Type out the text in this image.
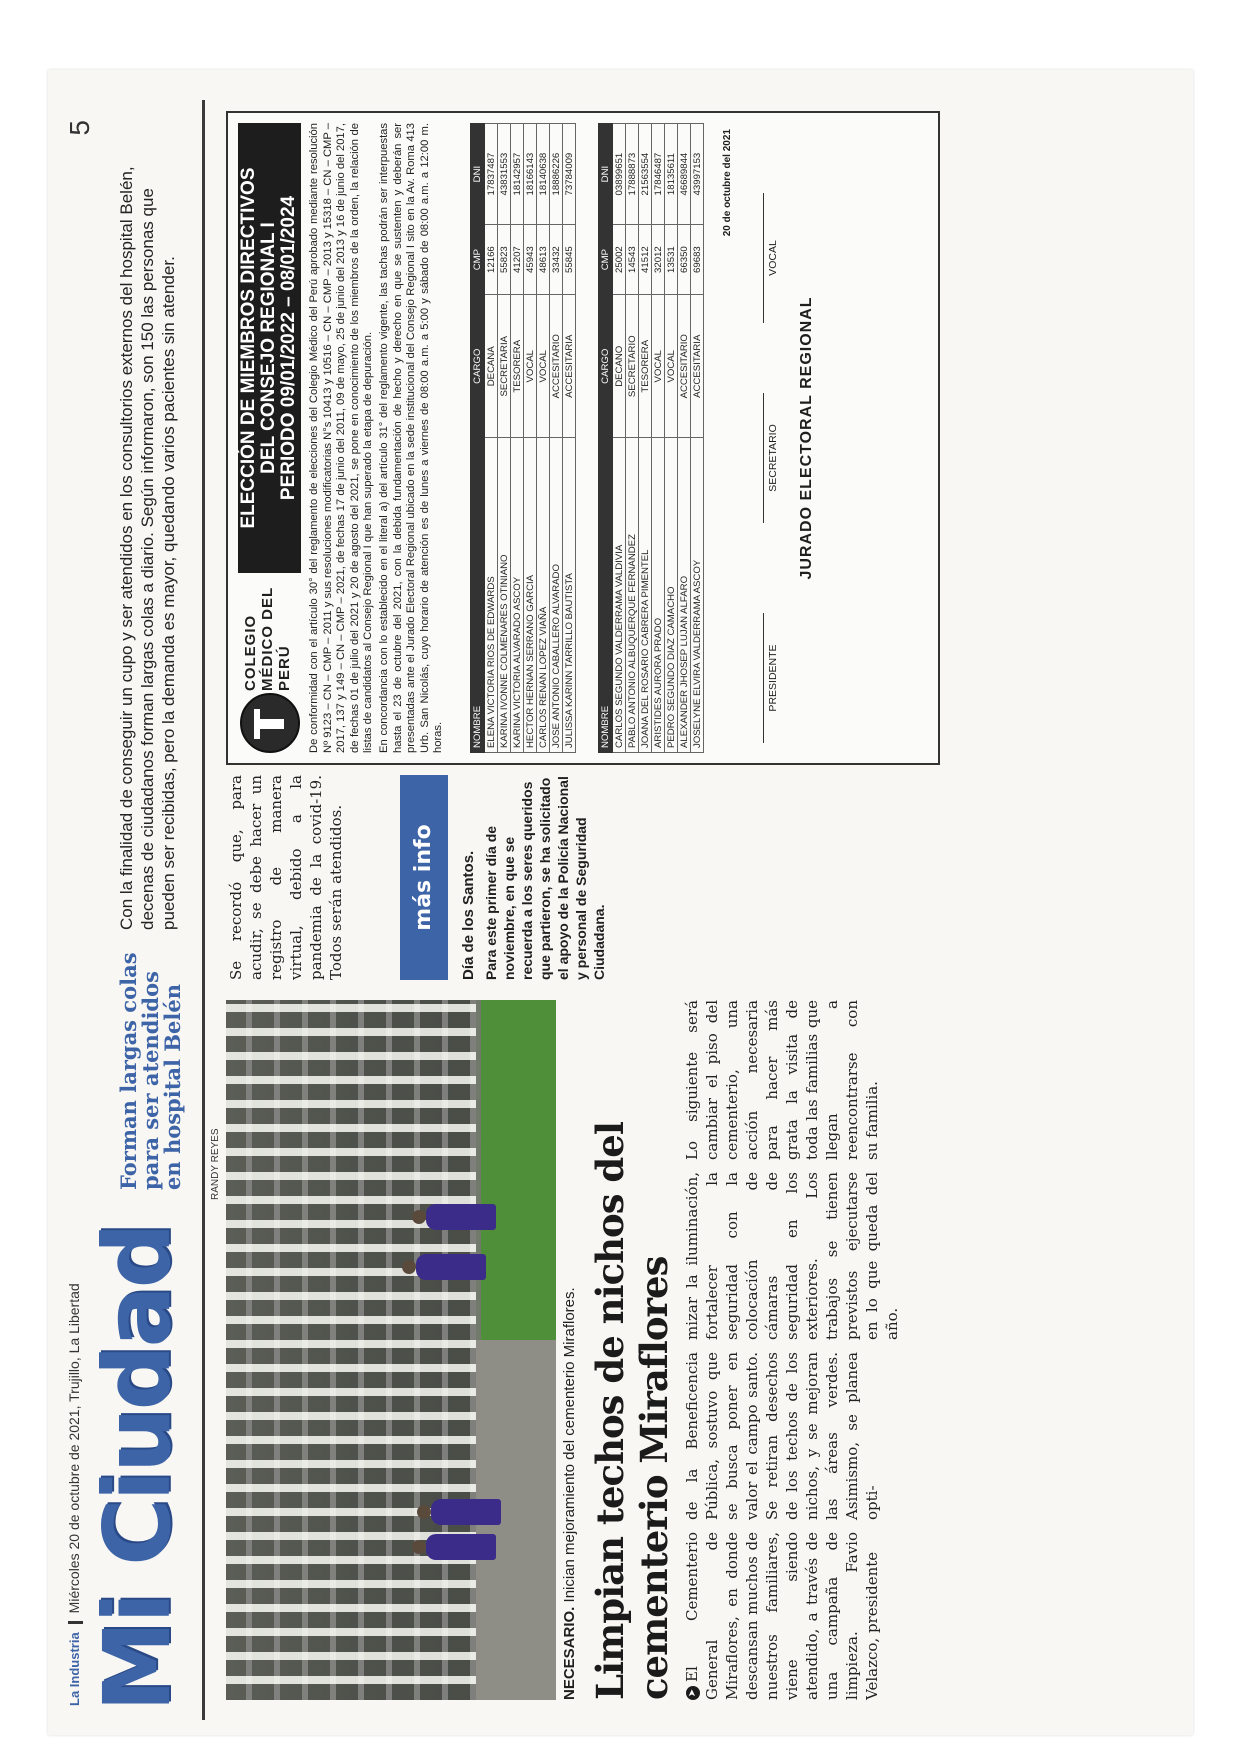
La IndustriaMiércoles 20 de octubre de 2021, Trujillo, La Libertad
5
Mi Ciudad
Forman largas colas para ser atendidos en hospital Belén
Con la finalidad de conseguir un cupo y ser atendidos en los consultorios externos del hospital Belén, decenas de ciudadanos forman largas colas a diario. Según informaron, son 150 las personas que pueden ser recibidas, pero la demanda es mayor, quedando varios pacientes sin atender.
RANDY REYES
NECESARIO. Inician mejoramiento del cementerio Miraflores. Limpian techos de nichos del cementerio Miraflores	➤El Cementerio General de Miraflores, en donde descansan muchos de nuestros familiares, viene siendo atendido, a través de una campaña de limpieza. Favio Velazco, presidente
de la Beneficencia Pública, sostuvo que se busca poner en valor el campo santo. Se retiran desechos de los techos de los nichos, y se mejoran las áreas verdes. Asimismo, se planea opti-
mizar la iluminación, fortalecer la seguridad con la colocación de cámaras de seguridad en los exteriores. Los trabajos se tienen previstos ejecutarse en lo que queda del año.
Lo siguiente será cambiar el piso del cementerio, una acción necesaria para hacer más grata la visita de toda las familias que llegan a reencontrarse con su familia.
Se recordó que, para acudir, se debe hacer un registro de manera virtual, debido a la pandemia de la covid-19. Todos serán atendidos.	más info	Día de los Santos. Para este primer día de noviembre, en que se recuerda a los seres queridos que partieron, se ha solicitado el apoyo de la Policía Nacional y personal de Seguridad Ciudadana.
COLEGIO MÉDICO DEL PERÚ
ELECCIÓN DE MIEMBROS DIRECTIVOS DEL CONSEJO REGIONAL I PERIODO 09/01/2022 – 08/01/2024 De conformidad con el artículo 30° del reglamento de elecciones del Colegio Médico del Perú aprobado mediante resolución Nº 9123 – CN – CMP – 2011 y sus resoluciones modificatorias N°s 10413 y 10516 – CN – CMP – 2013 y 15318 – CN – CMP – 2017, 137 y 149 – CN – CMP – 2021, de fechas 17 de junio del 2011, 09 de mayo, 25 de junio del 2013 y 16 de junio del 2017, de fechas 01 de julio del 2021 y 20 de agosto del 2021, se pone en conocimiento de los miembros de la orden, la relación de listas de candidatos al Consejo Regional I que han superado la etapa de depuración. En concordancia con lo establecido en el literal a) del artículo 31° del reglamento vigente, las tachas podrán ser interpuestas hasta el 23 de octubre del 2021, con la debida fundamentación de hecho y derecho en que se sustenten y deberán ser presentadas ante el Jurado Electoral Regional ubicado en la sede institucional del Consejo Regional I sito en la Av. Roma 413 Urb. San Nicolás, cuyo horario de atención es de lunes a viernes de 08:00 a.m. a 5:00 y sábado de 08:00 a.m. a 12:00 m. horas.	NOMBRE	CARGO	CMP	DNI
ELENA VICTORIA RIOS DE EDWARDS	DECANA	12166	17837487
KARINA IVONNE COLMENARES OTINIANO	SECRETARIA	55823	43831553
KARINA VICTORIA ALVARADO ASCOY	TESORERA	41207	18142957
HECTOR HERNAN SERRANO GARCIA	VOCAL	45943	18166143
CARLOS RENAN LOPEZ VIAÑA	VOCAL	48613	18140638
JOSE ANTONIO CABALLERO ALVARADO	ACCESITARIO	33432	18886226
JULISSA KARINN TARRILLO BAUTISTA	ACCESITARIA	55845	73784009
NOMBRE	CARGO	CMP	DNI
CARLOS SEGUNDO VALDERRAMA VALDIVIA	DECANO	25002	03899651
PABLO ANTONIO ALBUQUERQUE FERNANDEZ	SECRETARIO	14543	17888873
JOANA DEL ROSARIO CABRERA PIMENTEL	TESORERA	41512	21563554
ARISTIDES AURORA PRADO	VOCAL	32012	17846487
PEDRO SEGUNDO DIAZ CAMACHO	VOCAL	13531	18135611
ALEXANDER JHOSEP LUJAN ALFARO	ACCESITARIO	66350	46689844
JOSELYNE ELVIRA VALDERRAMA ASCOY	ACCESITARIA	69683	43997153 20 de octubre del 2021
PRESIDENTE
SECRETARIO
VOCAL
JURADO ELECTORAL REGIONAL
